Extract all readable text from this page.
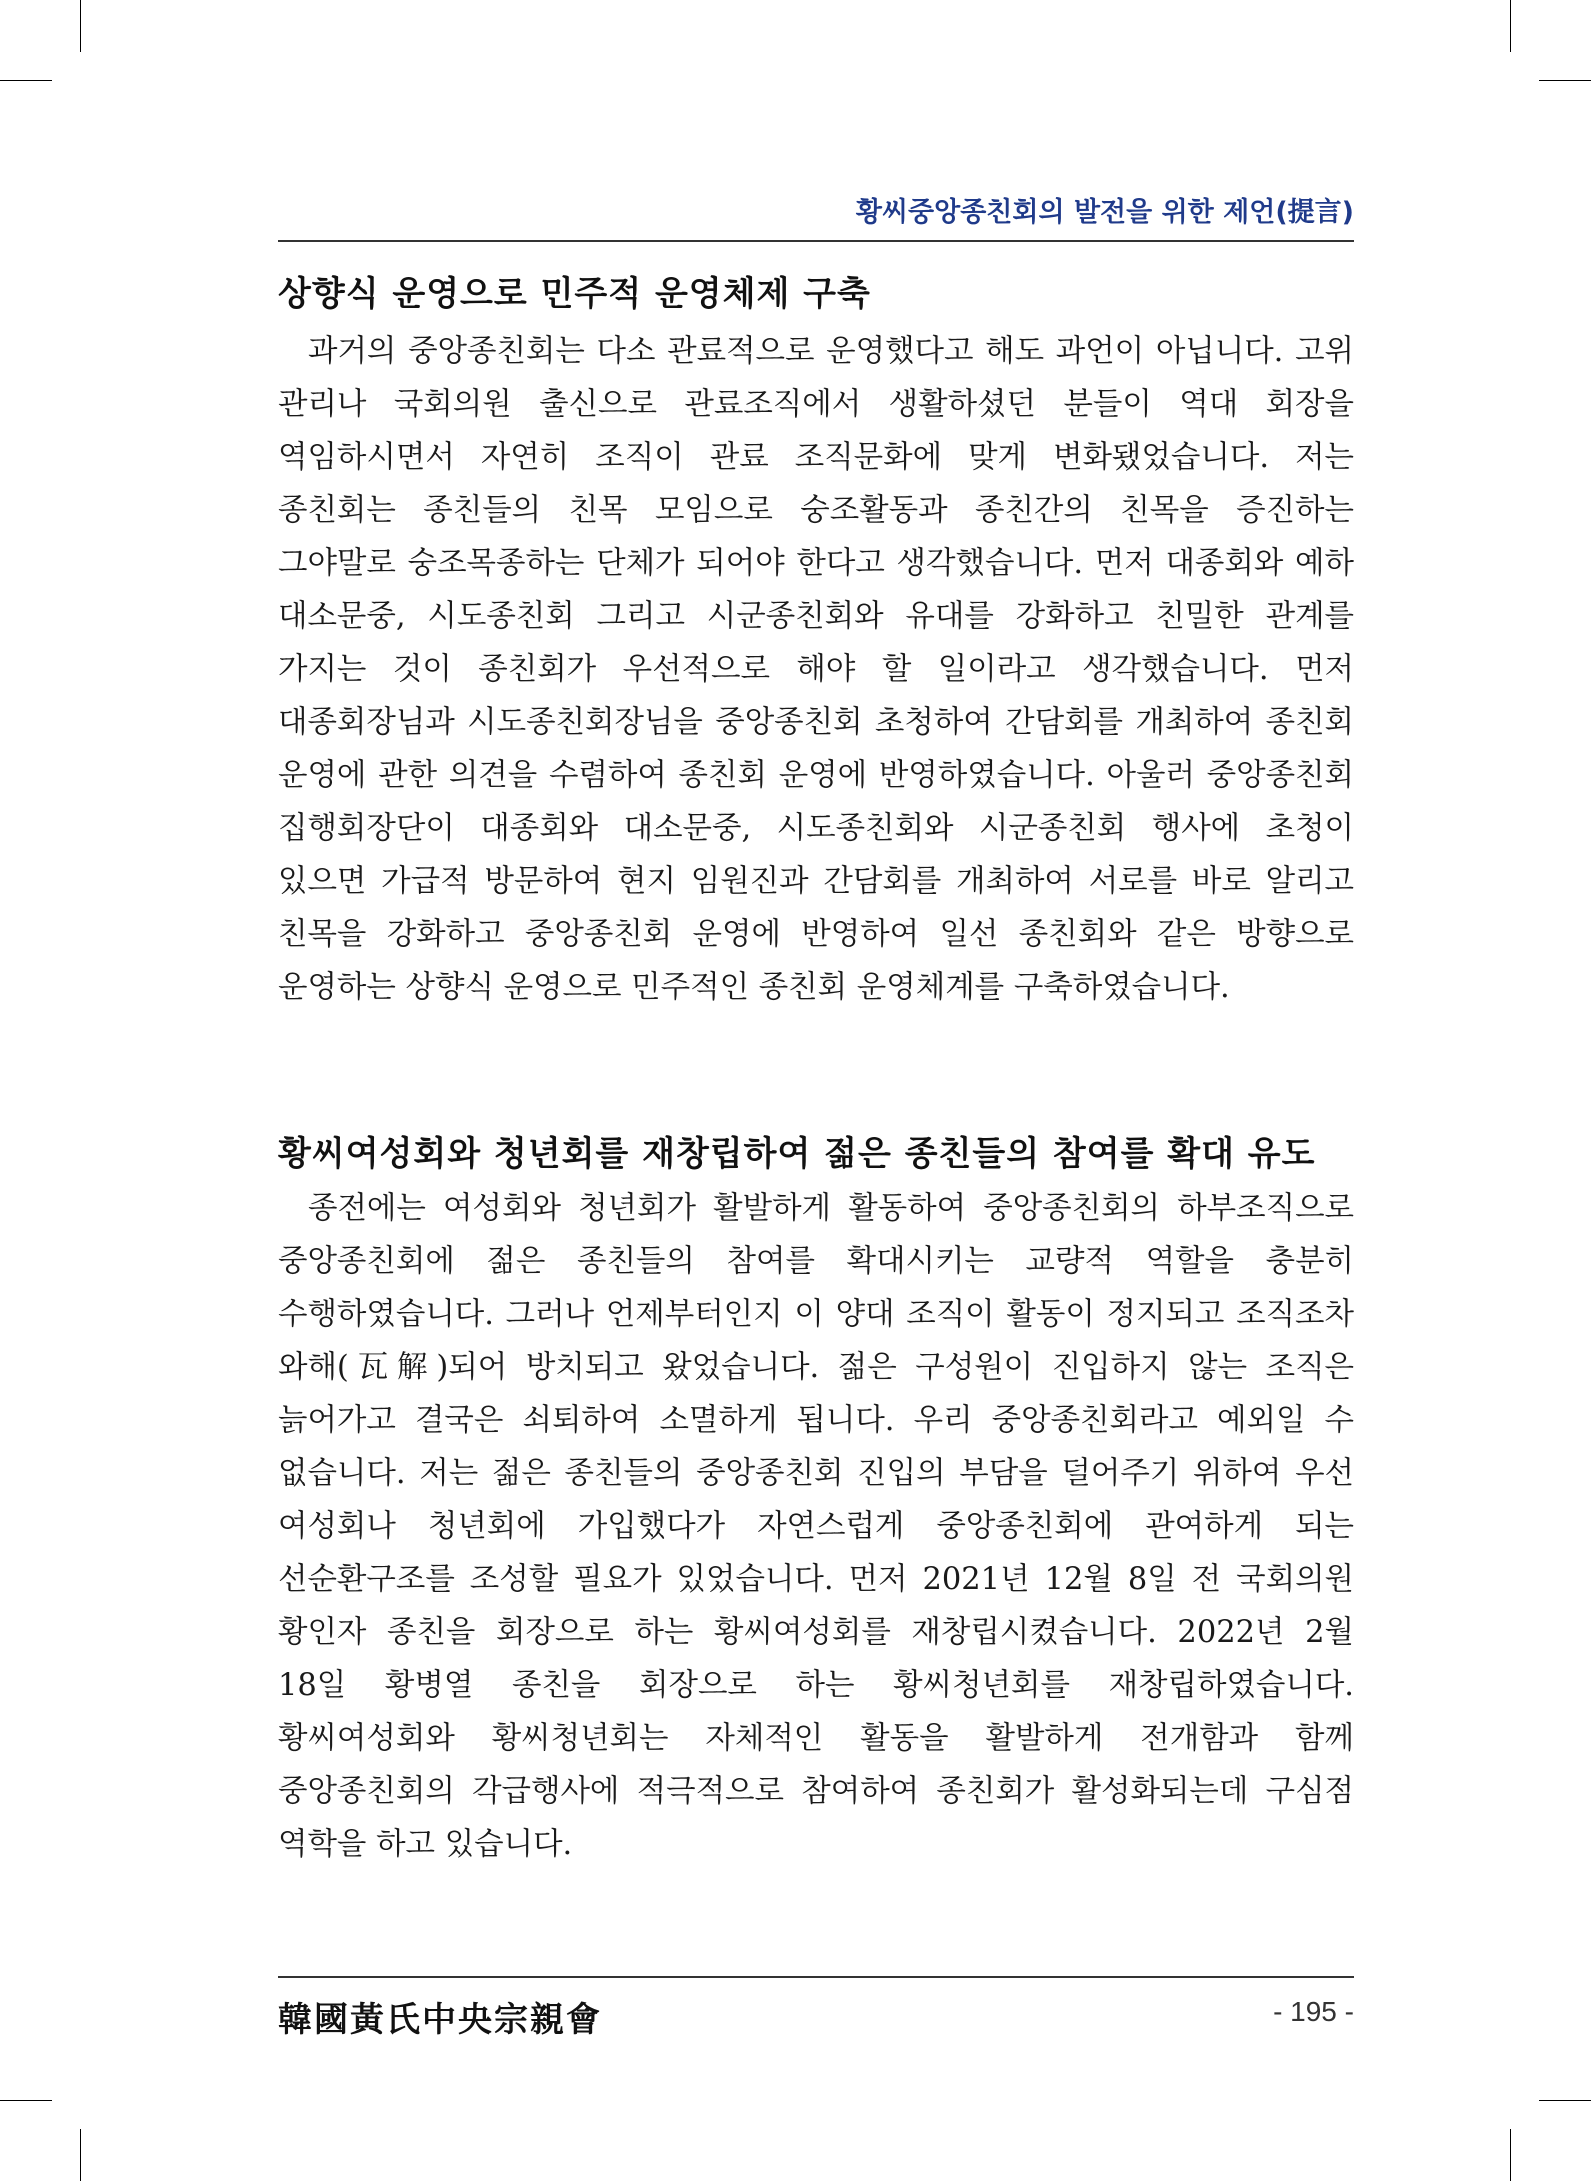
황씨중앙종친회의 발전을 위한 제언(提言)
상향식 운영으로 민주적 운영체제 구축
과거의 중앙종친회는 다소 관료적으로 운영했다고 해도 과언이 아닙니다. 고위 관리나 국회의원 출신으로 관료조직에서 생활하셨던 분들이 역대 회장을 역임하시면서 자연히 조직이 관료 조직문화에 맞게 변화됐었습니다. 저는 종친회는 종친들의 친목 모임으로 숭조활동과 종친간의 친목을 증진하는 그야말로 숭조목종하는 단체가 되어야 한다고 생각했습니다. 먼저 대종회와 예하 대소문중, 시도종친회 그리고 시군종친회와 유대를 강화하고 친밀한 관계를 가지는 것이 종친회가 우선적으로 해야 할 일이라고 생각했습니다. 먼저 대종회장님과 시도종친회장님을 중앙종친회 초청하여 간담회를 개최하여 종친회 운영에 관한 의견을 수렴하여 종친회 운영에 반영하였습니다. 아울러 중앙종친회 집행회장단이 대종회와 대소문중, 시도종친회와 시군종친회 행사에 초청이 있으면 가급적 방문하여 현지 임원진과 간담회를 개최하여 서로를 바로 알리고 친목을 강화하고 중앙종친회 운영에 반영하여 일선 종친회와 같은 방향으로 운영하는 상향식 운영으로 민주적인 종친회 운영체계를 구축하였습니다.
황씨여성회와 청년회를 재창립하여 젊은 종친들의 참여를 확대 유도
종전에는 여성회와 청년회가 활발하게 활동하여 중앙종친회의 하부조직으로 중앙종친회에 젊은 종친들의 참여를 확대시키는 교량적 역할을 충분히 수행하였습니다. 그러나 언제부터인지 이 양대 조직이 활동이 정지되고 조직조차 와해(瓦解)되어 방치되고 왔었습니다. 젊은 구성원이 진입하지 않는 조직은 늙어가고 결국은 쇠퇴하여 소멸하게 됩니다. 우리 중앙종친회라고 예외일 수 없습니다. 저는 젊은 종친들의 중앙종친회 진입의 부담을 덜어주기 위하여 우선 여성회나 청년회에 가입했다가 자연스럽게 중앙종친회에 관여하게 되는 선순환구조를 조성할 필요가 있었습니다. 먼저 2021년 12월 8일 전 국회의원 황인자 종친을 회장으로 하는 황씨여성회를 재창립시켰습니다. 2022년 2월 18일 황병열 종친을 회장으로 하는 황씨청년회를 재창립하였습니다. 황씨여성회와 황씨청년회는 자체적인 활동을 활발하게 전개함과 함께 중앙종친회의 각급행사에 적극적으로 참여하여 종친회가 활성화되는데 구심점 역학을 하고 있습니다.
韓國黃氏中央宗親會	- 195 -
